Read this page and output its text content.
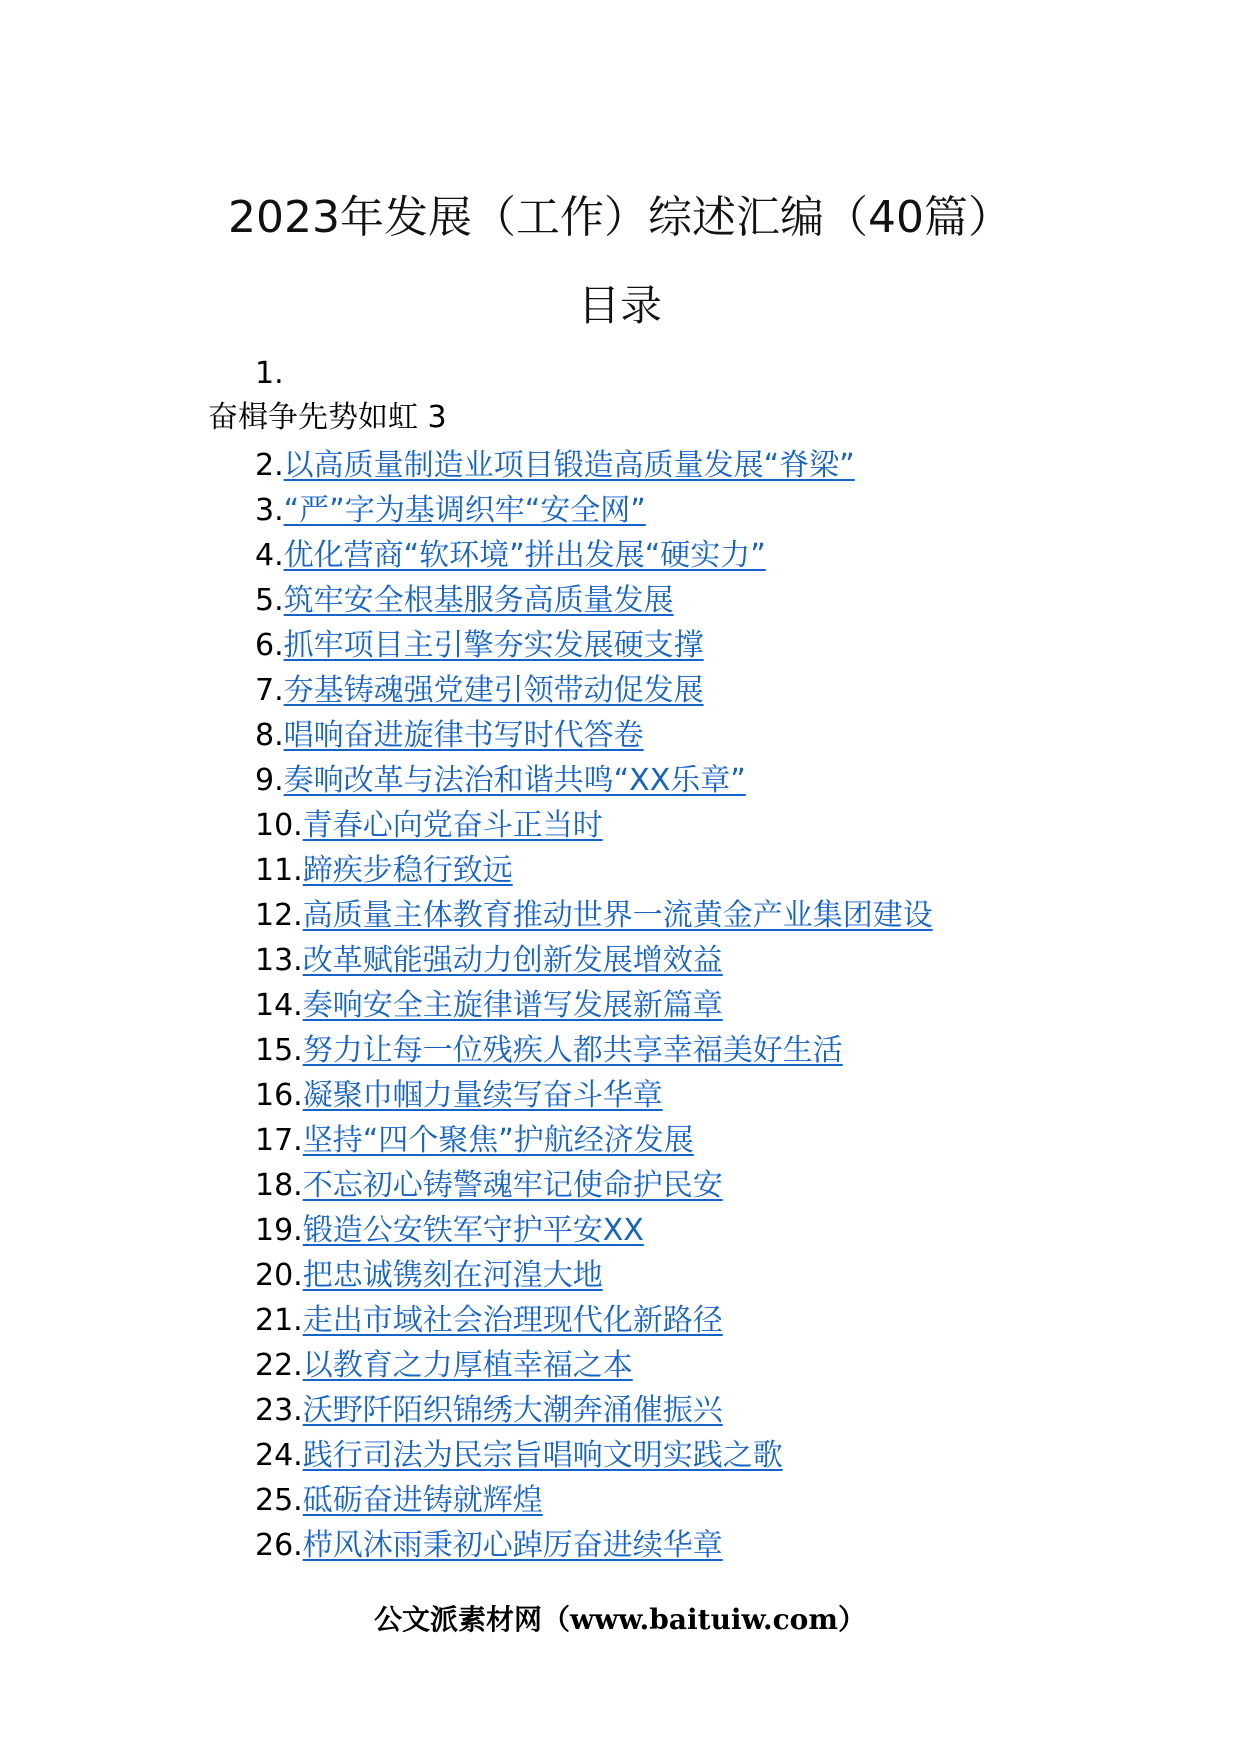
2023年发展（工作）综述汇编（40篇）
目录
1.
奋楫争先势如虹 3
2.以高质量制造业项目锻造高质量发展“脊梁”
3.“严”字为基调织牢“安全网”
4.优化营商“软环境”拼出发展“硬实力”
5.筑牢安全根基服务高质量发展
6.抓牢项目主引擎夯实发展硬支撑
7.夯基铸魂强党建引领带动促发展
8.唱响奋进旋律书写时代答卷
9.奏响改革与法治和谐共鸣“XX乐章”
10.青春心向党奋斗正当时
11.蹄疾步稳行致远
12.高质量主体教育推动世界一流黄金产业集团建设
13.改革赋能强动力创新发展增效益
14.奏响安全主旋律谱写发展新篇章
15.努力让每一位残疾人都共享幸福美好生活
16.凝聚巾帼力量续写奋斗华章
17.坚持“四个聚焦”护航经济发展
18.不忘初心铸警魂牢记使命护民安
19.锻造公安铁军守护平安XX
20.把忠诚镌刻在河湟大地
21.走出市域社会治理现代化新路径
22.以教育之力厚植幸福之本
23.沃野阡陌织锦绣大潮奔涌催振兴
24.践行司法为民宗旨唱响文明实践之歌
25.砥砺奋进铸就辉煌
26.栉风沐雨秉初心踔厉奋进续华章
公文派素材网（www.baituiw.com）
